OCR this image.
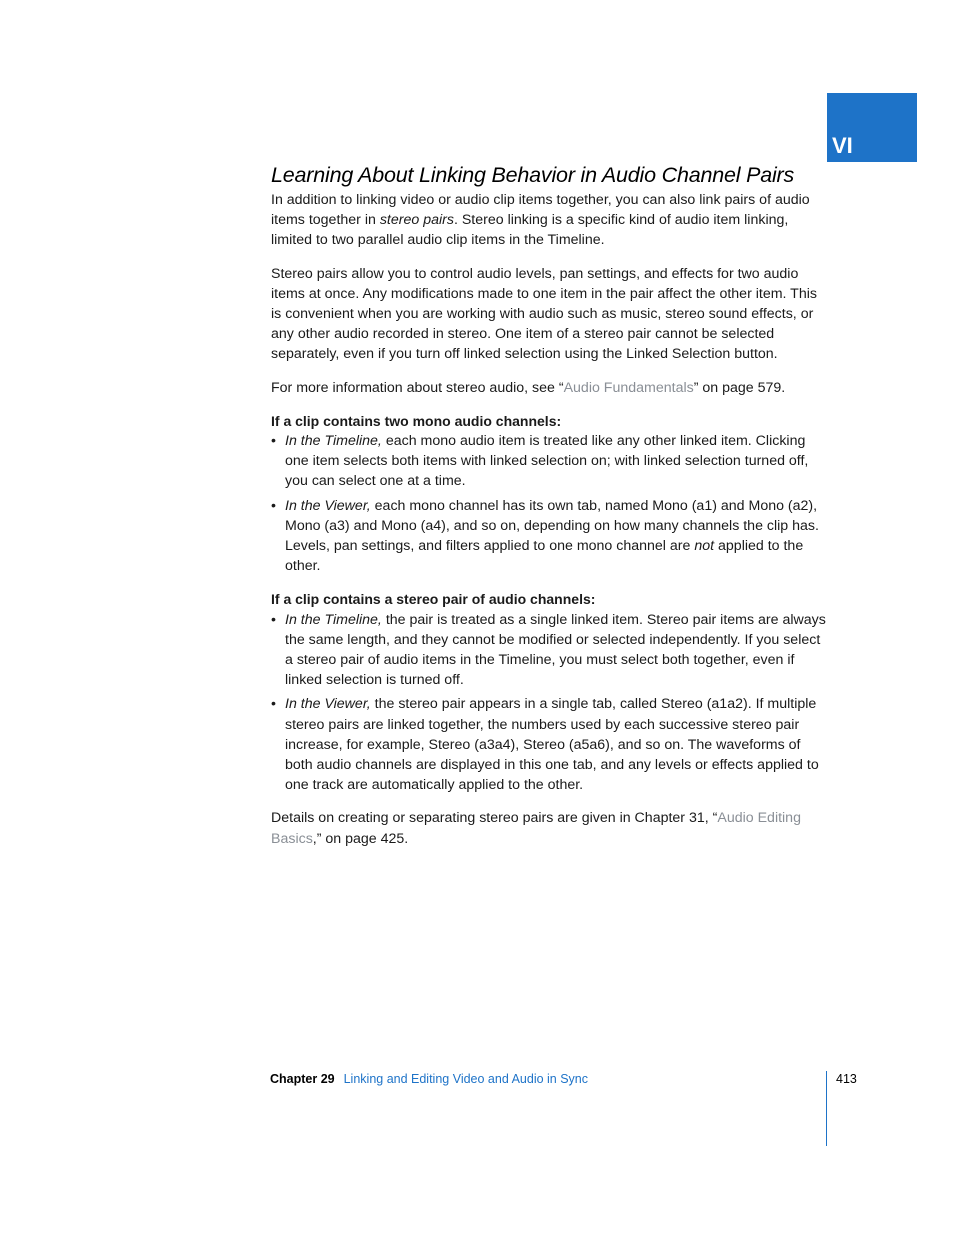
VI
Learning About Linking Behavior in Audio Channel Pairs

In addition to linking video or audio clip items together, you can also link pairs of audio items together in stereo pairs. Stereo linking is a specific kind of audio item linking, limited to two parallel audio clip items in the Timeline.

Stereo pairs allow you to control audio levels, pan settings, and effects for two audio items at once. Any modifications made to one item in the pair affect the other item. This is convenient when you are working with audio such as music, stereo sound effects, or any other audio recorded in stereo. One item of a stereo pair cannot be selected separately, even if you turn off linked selection using the Linked Selection button.

For more information about stereo audio, see “Audio Fundamentals” on page 579.

If a clip contains two mono audio channels:

• In the Timeline, each mono audio item is treated like any other linked item. Clicking one item selects both items with linked selection on; with linked selection turned off, you can select one at a time.
• In the Viewer, each mono channel has its own tab, named Mono (a1) and Mono (a2), Mono (a3) and Mono (a4), and so on, depending on how many channels the clip has. Levels, pan settings, and filters applied to one mono channel are not applied to the other.

If a clip contains a stereo pair of audio channels:

• In the Timeline, the pair is treated as a single linked item. Stereo pair items are always the same length, and they cannot be modified or selected independently. If you select a stereo pair of audio items in the Timeline, you must select both together, even if linked selection is turned off.
• In the Viewer, the stereo pair appears in a single tab, called Stereo (a1a2). If multiple stereo pairs are linked together, the numbers used by each successive stereo pair increase, for example, Stereo (a3a4), Stereo (a5a6), and so on. The waveforms of both audio channels are displayed in this one tab, and any levels or effects applied to one track are automatically applied to the other.

Details on creating or separating stereo pairs are given in Chapter 31, “Audio Editing Basics,” on page 425.

Chapter 29 Linking and Editing Video and Audio in Sync	413
